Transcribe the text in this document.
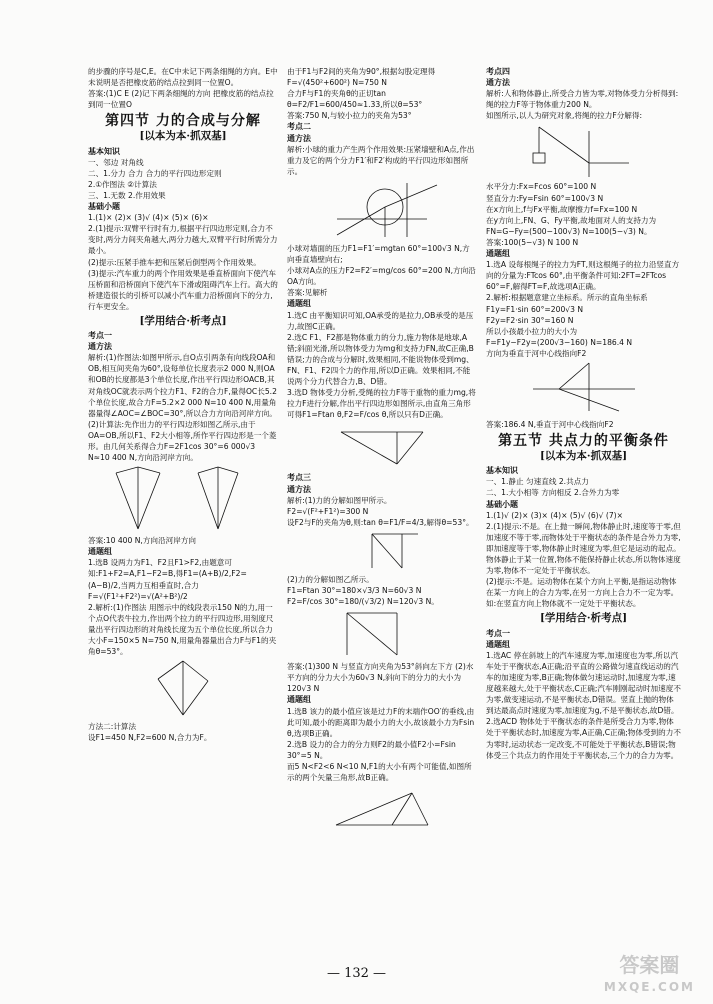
的步骤的序号是C,E。在C中未记下两条细绳的方向。E中未说明是否把橡皮筋的结点拉到同一位置O。

答案:(1)C E (2)记下两条细绳的方向 把橡皮筋的结点拉到同一位置O

第四节 力的合成与分解

[以本为本·抓双基]

基本知识

一、邻边 对角线

二、1.分力 合力 合力的平行四边形定则

2.①作图法 ②计算法

三、1.无数 2.作用效果

基础小题

1.(1)× (2)× (3)√ (4)× (5)× (6)×

2.(1)提示:双臂平行时有力,根据平行四边形定则,合力不变时,两分力间夹角越大,两分力越大,双臂平行时所需分力最小。

(2)提示:压紧手推车把和压紧后倒型两个作用效果。

(3)提示:汽车重力的两个作用效果是垂直桥面向下使汽车压桥面和沿桥面向下使汽车下滑或阻碍汽车上行。高大的桥建造很长的引桥可以减小汽车重力沿桥面向下的分力,行车更安全。

[学用结合·析考点]

考点一

通方法

解析:(1)作图法:如图甲所示,自O点引两条有向线段OA和OB,相互间夹角为60°,设每单位长度表示2 000 N,则OA和OB的长度都是3个单位长度,作出平行四边形OACB,其对角线OC就表示两个拉力F1、F2的合力F,量得OC长5.2个单位长度,故合力F=5.2×2 000 N=10 400 N,用量角器量得∠AOC=∠BOC=30°,所以合力方向沿河岸方向。

(2)计算法:先作出力的平行四边形如图乙所示,由于OA=OB,所以F1、F2大小相等,所作平行四边形是一个菱形。由几何关系得合力F=2F1cos 30°=6 000√3 N≈10 400 N,方向沿河岸方向。

答案:10 400 N,方向沿河岸方向

通题组

1.选B 设两力为F1、F2且F1>F2,由题意可知:F1+F2=A,F1−F2=B,得F1=(A+B)/2,F2=(A−B)/2,当两力互相垂直时,合力F=√(F1²+F2²)=√(A²+B²)/2

2.解析:(1)作图法 用图示中的线段表示150 N的力,用一个点O代表牛拉力,作出两个拉力的平行四边形,用刻度尺量出平行四边形的对角线长度为五个单位长度,所以合力大小F=150×5 N=750 N,用量角器量出合力F与F1的夹角θ=53°。

方法二:计算法

设F1=450 N,F2=600 N,合力为F。

由于F1与F2间的夹角为90°,根据勾股定理得F=√(450²+600²) N=750 N

合力F与F1的夹角θ的正切tan θ=F2/F1=600/450≈1.33,所以θ=53°

答案:750 N,与较小拉力的夹角为53°

考点二

通方法

解析:小球的重力产生两个作用效果:压紧墙壁和A点,作出重力及它的两个分力F1′和F2′构成的平行四边形如图所示。

小球对墙面的压力F1=F1′=mgtan 60°=100√3 N,方向垂直墙壁向右;

小球对A点的压力F2=F2′=mg/cos 60°=200 N,方向沿OA方向。

答案:见解析

通题组

1.选C 由平衡知识可知,OA承受的是拉力,OB承受的是压力,故图C正确。

2.选C F1、F2都是物体重力的分力,施力物体是地球,A错;斜面光滑,所以物体受力为mg和支持力FN,故C正确,B错误;力的合成与分解时,效果相同,不能说物体受到mg、FN、F1、F2四个力的作用,所以D正确。效果相同,不能说两个分力代替合力,B、D错。

3.选D 物体受力分析,受绳的拉力F等于重物的重力mg,将拉力F进行分解,作出平行四边形如图所示,由直角三角形可得F1=Ftan θ,F2=F/cos θ,所以只有D正确。

考点三

通方法

解析:(1)力的分解如图甲所示。

F2=√(F²+F1²)=300 N

设F2与F的夹角为θ,则:tan θ=F1/F=4/3,解得θ=53°。

(2)力的分解如图乙所示。

F1=Ftan 30°=180×√3/3 N=60√3 N

F2=F/cos 30°=180/(√3/2) N=120√3 N。

答案:(1)300 N 与竖直方向夹角为53°斜向左下方 (2)水平方向的分力大小为60√3 N,斜向下的分力的大小为120√3 N

通题组

1.选B 该力的最小值应该是过力F的末端作OO′的垂线,由此可知,最小的距离即为最小力的大小,故该最小力为Fsin θ,选项B正确。

2.选B 设力的合力的分力则F2的最小值F2小=Fsin 30°=5 N。

而5 N<F2<6 N<10 N,F1的大小有两个可能值,如图所示的两个矢量三角形,故B正确。

考点四

通方法

解析:人和物体静止,所受合力皆为零,对物体受力分析得到:绳的拉力F等于物体重力200 N。

如图所示,以人为研究对象,将绳的拉力F分解得:

水平分力:Fx=Fcos 60°=100 N

竖直分力:Fy=Fsin 60°=100√3 N

在x方向上,f与Fx平衡,故摩擦力f=Fx=100 N

在y方向上,FN、G、Fy平衡,故地面对人的支持力为

FN=G−Fy=(500−100√3) N=100(5−√3) N。

答案:100(5−√3) N 100 N

通题组

1.选A 设每根绳子的拉力为FT,则这根绳子的拉力沿竖直方向的分量为:FTcos 60°,由平衡条件可知:2FT=2FTcos 60°=F,解得FT=F,故选项A正确。

2.解析:根据题意建立坐标系。所示的直角坐标系

F1y=F1·sin 60°=200√3 N

F2y=F2·sin 30°=160 N

所以小孩最小拉力的大小为

F=F1y−F2y=(200√3−160) N=186.4 N

方向为垂直于河中心线指向F2

答案:186.4 N,垂直于河中心线指向F2

第五节 共点力的平衡条件

[以本为本·抓双基]

基本知识

一、1.静止 匀速直线 2.共点力

二、1.大小相等 方向相反 2.合外力为零

基础小题

1.(1)√ (2)× (3)× (4)× (5)√ (6)√ (7)×

2.(1)提示:不是。在上抛一瞬间,物体静止时,速度等于零,但加速度不等于零,而物体处于平衡状态的条件是合外力为零,即加速度等于零,物体静止时速度为零,但它是运动的起点。物体静止于某一位置,物体不能保持静止状态,所以物体速度为零,物体不一定处于平衡状态。

(2)提示:不是。运动物体在某个方向上平衡,是指运动物体在某一方向上的合力为零,在另一方向上合力不一定为零。如:在竖直方向上物体就不一定处于平衡状态。

[学用结合·析考点]

考点一

通题组

1.选AC 停在斜坡上的汽车速度为零,加速度也为零,所以汽车处于平衡状态,A正确;沿平直的公路做匀速直线运动的汽车的加速度为零,B正确;物体做匀速运动时,加速度为零,速度越来越大,处于平衡状态,C正确;汽车刚刚起动时加速度不为零,做变速运动,不是平衡状态,D错误。竖直上抛的物体到达最高点时速度为零,加速度为g,不是平衡状态,故D错。

2.选ACD 物体处于平衡状态的条件是所受合力为零,物体处于平衡状态时,加速度为零,A正确,C正确;物体受到的力不为零时,运动状态一定改变,不可能处于平衡状态,B错误;物体受三个共点力的作用处于平衡状态,三个力的合力为零。

— 132 —	答案圈
MXQE.COM
